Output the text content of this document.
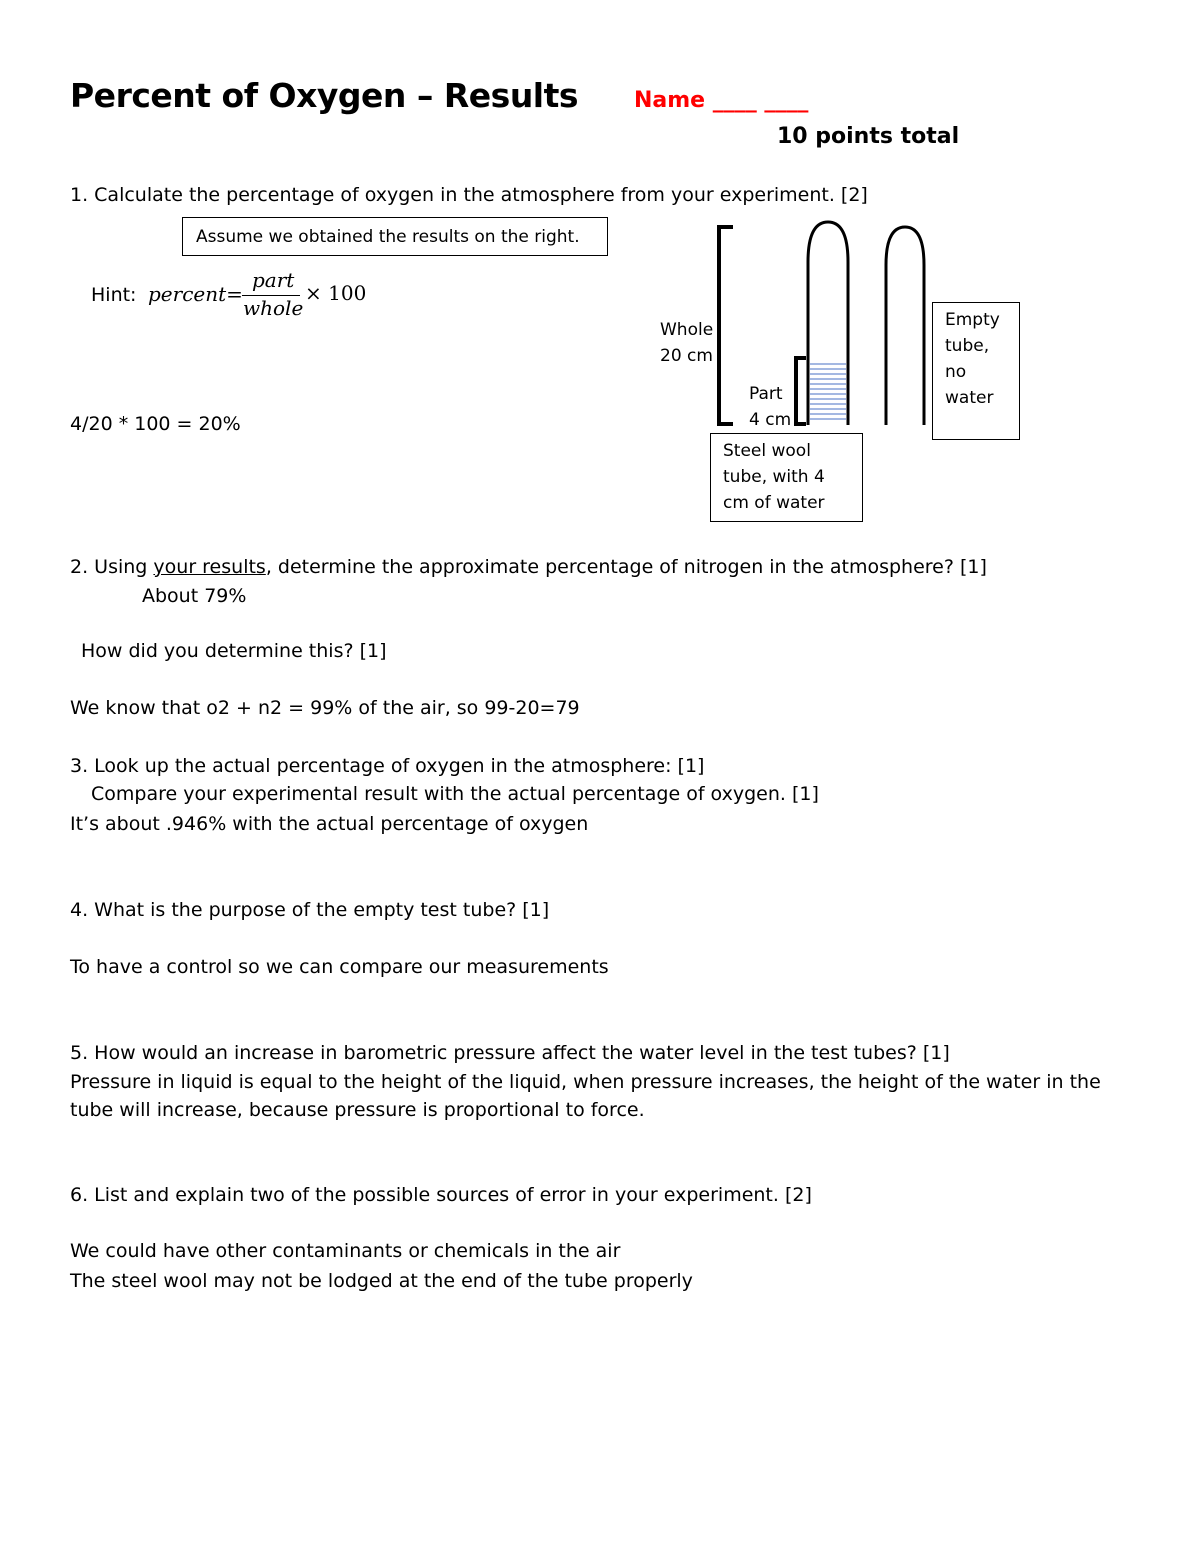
Percent of Oxygen – Results	Name ____ ____
10 points total
1. Calculate the percentage of oxygen in the atmosphere from your experiment. [2]
Assume we obtained the results on the right.
Hint: percent=
part
whole
× 100
4/20 * 100 = 20%
Whole
20 cm
Part
4 cm
Steel wool
tube, with 4
cm of water
Empty
tube,
no
water
2. Using your results, determine the approximate percentage of nitrogen in the atmosphere? [1]
About 79%
How did you determine this? [1]
We know that o2 + n2 = 99% of the air, so 99-20=79
3. Look up the actual percentage of oxygen in the atmosphere: [1]
Compare your experimental result with the actual percentage of oxygen. [1]
It’s about .946% with the actual percentage of oxygen
4. What is the purpose of the empty test tube? [1]
To have a control so we can compare our measurements
5. How would an increase in barometric pressure affect the water level in the test tubes? [1]
Pressure in liquid is equal to the height of the liquid, when pressure increases, the height of the water in the
tube will increase, because pressure is proportional to force.
6. List and explain two of the possible sources of error in your experiment. [2]
We could have other contaminants or chemicals in the air
The steel wool may not be lodged at the end of the tube properly
